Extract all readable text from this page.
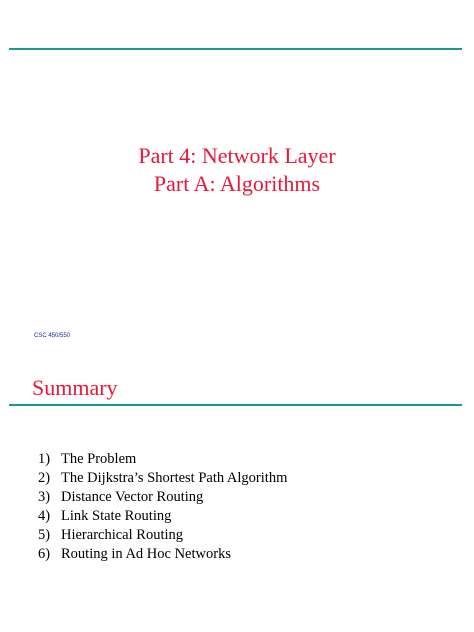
Part 4: Network Layer
Part A: Algorithms
CSC 450/550
Summary
1) The Problem
2) The Dijkstra’s Shortest Path Algorithm
3) Distance Vector Routing
4) Link State Routing
5) Hierarchical Routing
6) Routing in Ad Hoc Networks
